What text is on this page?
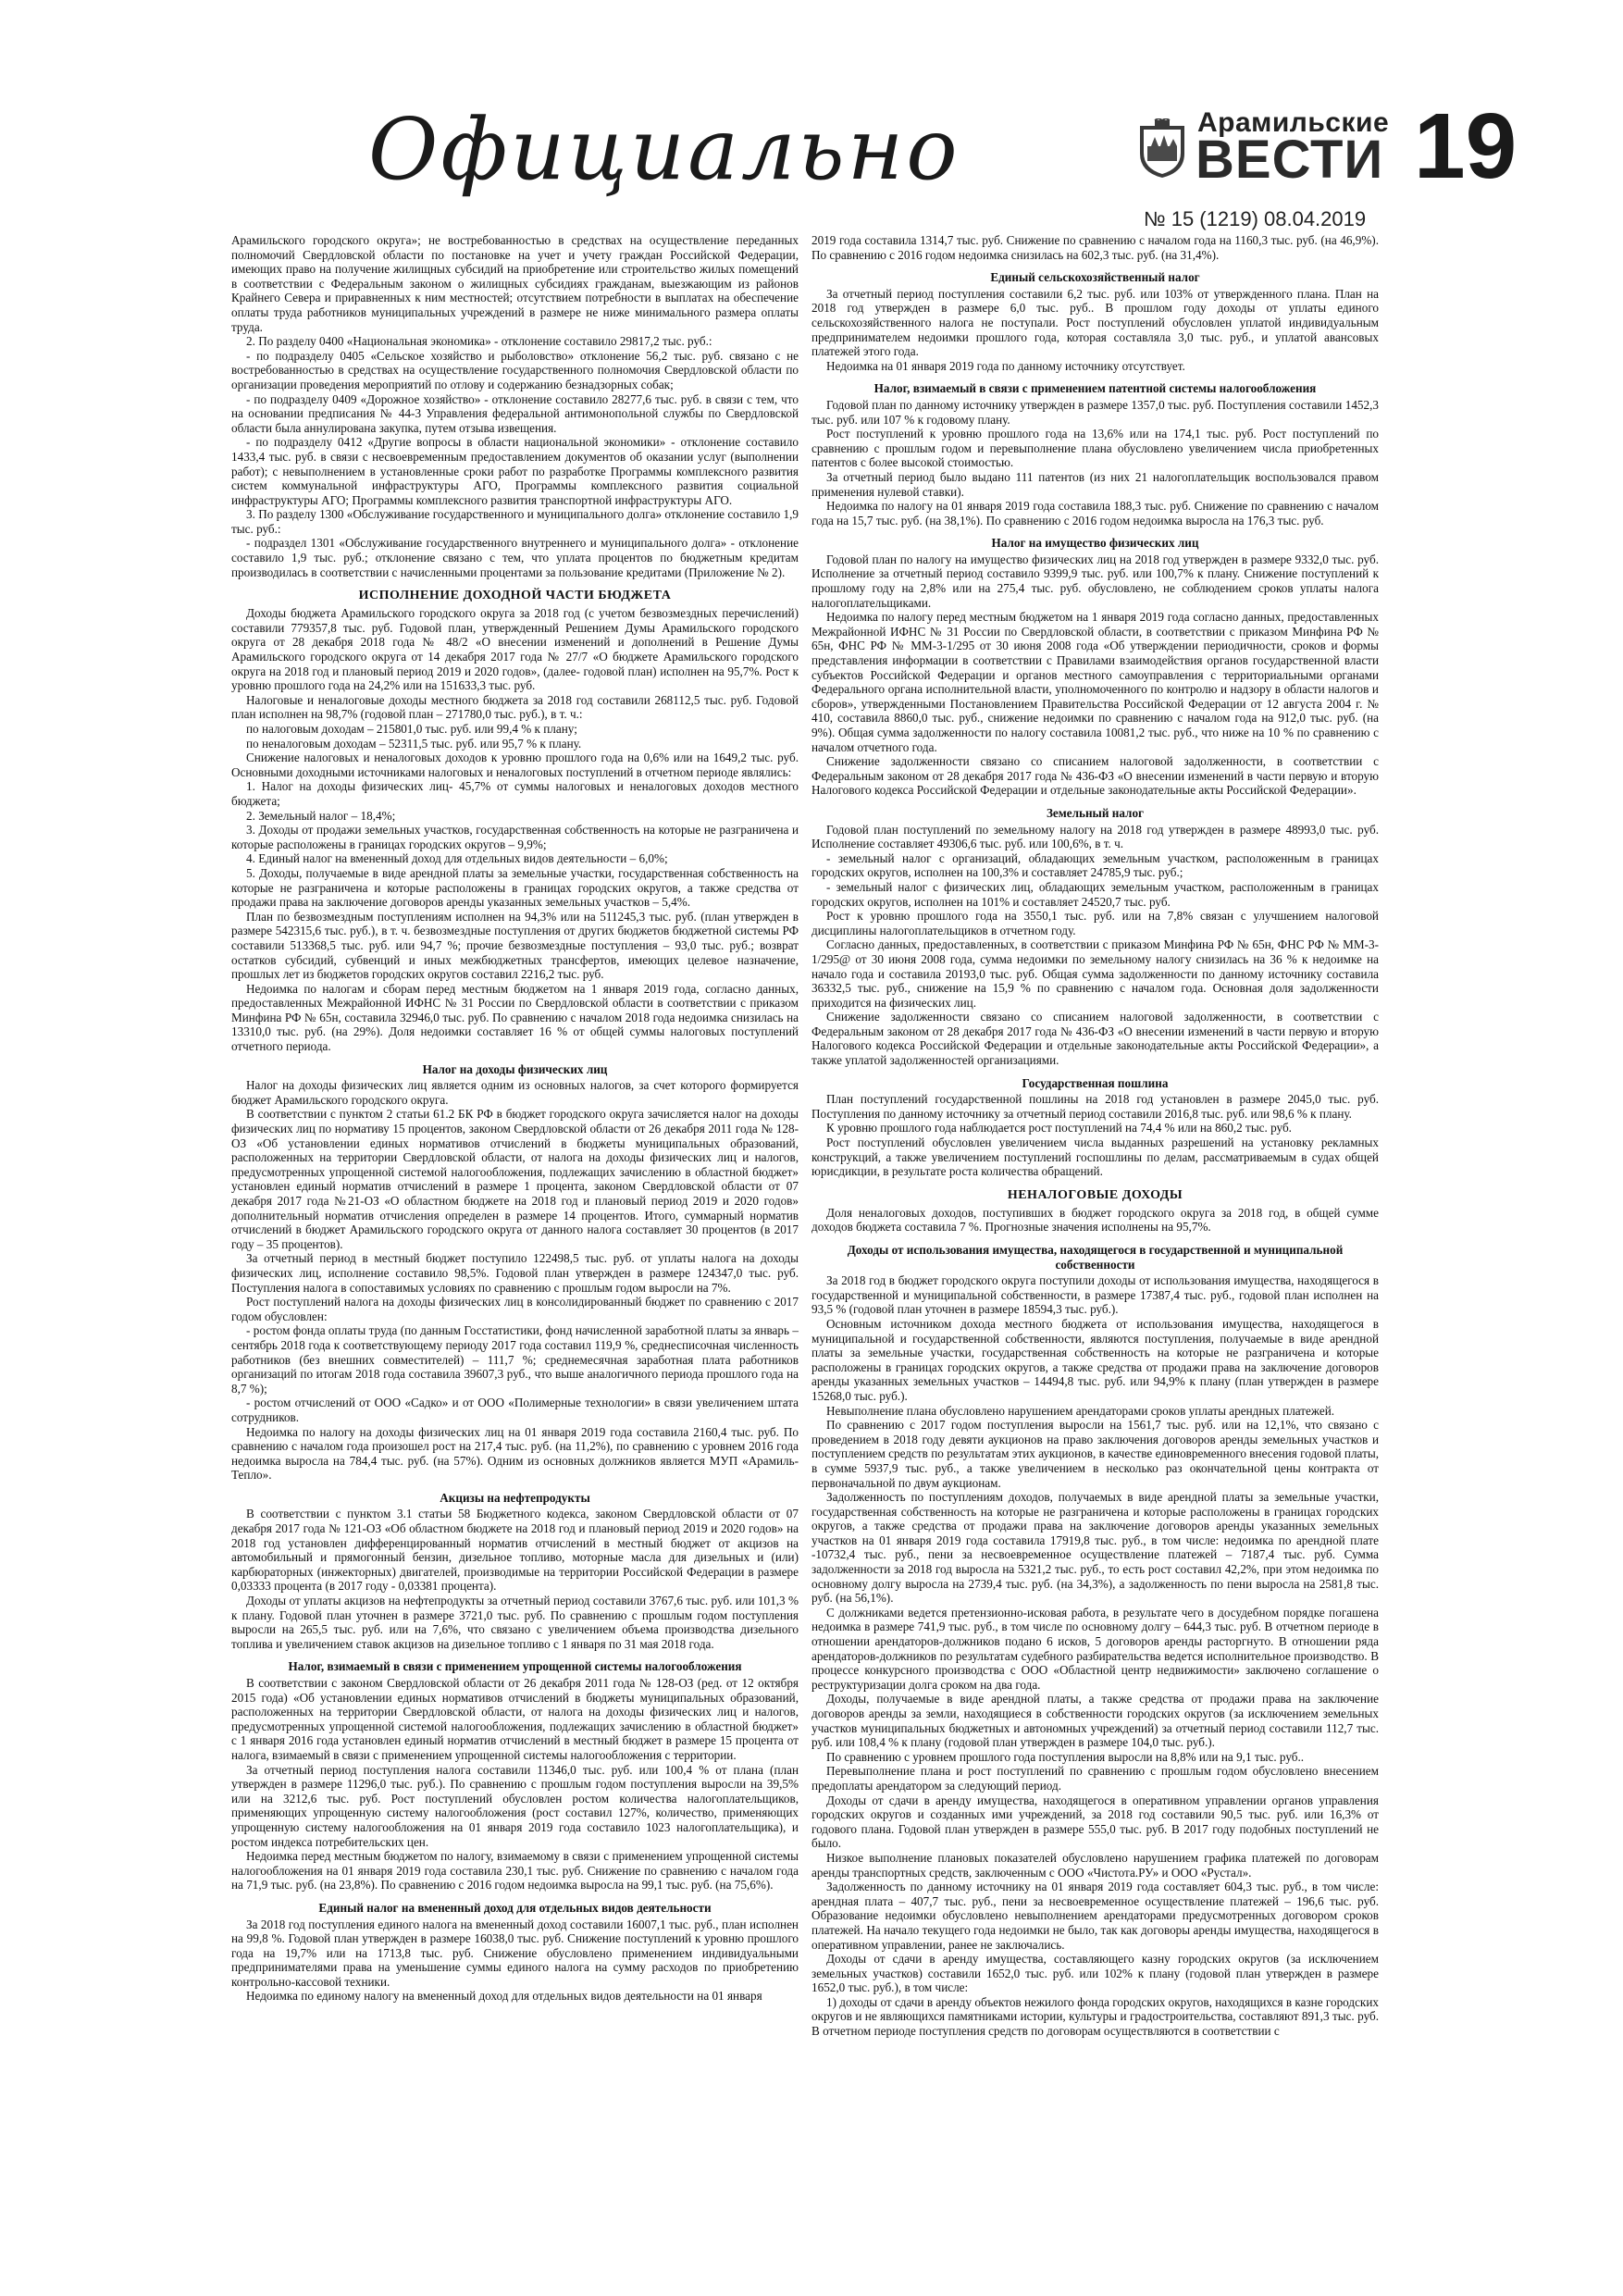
Официально	Арамильские
ВЕСТИ
№ 15 (1219) 08.04.2019
19

Арамильского городского округа»; не востребованностью в средствах на осуществление переданных полномочий Свердловской области по постановке на учет и учету граждан Российской Федерации, имеющих право на получение жилищных субсидий на приобретение или строительство жилых помещений в соответствии с Федеральным законом о жилищных субсидиях гражданам, выезжающим из районов Крайнего Севера и приравненных к ним местностей; отсутствием потребности в выплатах на обеспечение оплаты труда работников муниципальных учреждений в размере не ниже минимального размера оплаты труда.

2. По разделу 0400 «Национальная экономика» - отклонение составило 29817,2 тыс. руб.:

- по подразделу 0405 «Сельское хозяйство и рыболовство» отклонение 56,2 тыс. руб. связано с не востребованностью в средствах на осуществление государственного полномочия Свердловской области по организации проведения мероприятий по отлову и содержанию безнадзорных собак;

- по подразделу 0409 «Дорожное хозяйство» - отклонение составило 28277,6 тыс. руб. в связи с тем, что на основании предписания № 44-3 Управления федеральной антимонопольной службы по Свердловской области была аннулирована закупка, путем отзыва извещения.

- по подразделу 0412 «Другие вопросы в области национальной экономики» - отклонение составило 1433,4 тыс. руб. в связи с несвоевременным предоставлением документов об оказании услуг (выполнении работ); с невыполнением в установленные сроки работ по разработке Программы комплексного развития систем коммунальной инфраструктуры АГО, Программы комплексного развития социальной инфраструктуры АГО; Программы комплексного развития транспортной инфраструктуры АГО.

3. По разделу 1300 «Обслуживание государственного и муниципального долга» отклонение составило 1,9 тыс. руб.:

- подраздел 1301 «Обслуживание государственного внутреннего и муниципального долга» - отклонение составило 1,9 тыс. руб.; отклонение связано с тем, что уплата процентов по бюджетным кредитам производилась в соответствии с начисленными процентами за пользование кредитами (Приложение № 2).

ИСПОЛНЕНИЕ ДОХОДНОЙ ЧАСТИ БЮДЖЕТА

Доходы бюджета Арамильского городского округа за 2018 год (с учетом безвозмездных перечислений) составили 779357,8 тыс. руб. Годовой план, утвержденный Решением Думы Арамильского городского округа от 28 декабря 2018 года № 48/2 «О внесении изменений и дополнений в Решение Думы Арамильского городского округа от 14 декабря 2017 года № 27/7 «О бюджете Арамильского городского округа на 2018 год и плановый период 2019 и 2020 годов», (далее- годовой план) исполнен на 95,7%. Рост к уровню прошлого года на 24,2% или на 151633,3 тыс. руб.

Налоговые и неналоговые доходы местного бюджета за 2018 год составили 268112,5 тыс. руб. Годовой план исполнен на 98,7% (годовой план – 271780,0 тыс. руб.), в т. ч.:

по налоговым доходам – 215801,0 тыс. руб. или 99,4 % к плану;

по неналоговым доходам – 52311,5 тыс. руб. или 95,7 % к плану.

Снижение налоговых и неналоговых доходов к уровню прошлого года на 0,6% или на 1649,2 тыс. руб. Основными доходными источниками налоговых и неналоговых поступлений в отчетном периоде являлись:

1. Налог на доходы физических лиц- 45,7% от суммы налоговых и неналоговых доходов местного бюджета;

2. Земельный налог – 18,4%;

3. Доходы от продажи земельных участков, государственная собственность на которые не разграничена и которые расположены в границах городских округов – 9,9%;

4. Единый налог на вмененный доход для отдельных видов деятельности – 6,0%;

5. Доходы, получаемые в виде арендной платы за земельные участки, государственная собственность на которые не разграничена и которые расположены в границах городских округов, а также средства от продажи права на заключение договоров аренды указанных земельных участков – 5,4%.

План по безвозмездным поступлениям исполнен на 94,3% или на 511245,3 тыс. руб. (план утвержден в размере 542315,6 тыс. руб.), в т. ч. безвозмездные поступления от других бюджетов бюджетной системы РФ составили 513368,5 тыс. руб. или 94,7 %; прочие безвозмездные поступления – 93,0 тыс. руб.; возврат остатков субсидий, субвенций и иных межбюджетных трансфертов, имеющих целевое назначение, прошлых лет из бюджетов городских округов составил 2216,2 тыс. руб.

Недоимка по налогам и сборам перед местным бюджетом на 1 января 2019 года, согласно данных, предоставленных Межрайонной ИФНС № 31 России по Свердловской области в соответствии с приказом Минфина РФ № 65н, составила 32946,0 тыс. руб. По сравнению с началом 2018 года недоимка снизилась на 13310,0 тыс. руб. (на 29%). Доля недоимки составляет 16 % от общей суммы налоговых поступлений отчетного периода.

Налог на доходы физических лиц

Налог на доходы физических лиц является одним из основных налогов, за счет которого формируется бюджет Арамильского городского округа.

В соответствии с пунктом 2 статьи 61.2 БК РФ в бюджет городского округа зачисляется налог на доходы физических лиц по нормативу 15 процентов, законом Свердловской области от 26 декабря 2011 года № 128-ОЗ «Об установлении единых нормативов отчислений в бюджеты муниципальных образований, расположенных на территории Свердловской области, от налога на доходы физических лиц и налогов, предусмотренных упрощенной системой налогообложения, подлежащих зачислению в областной бюджет» установлен единый норматив отчислений в размере 1 процента, законом Свердловской области от 07 декабря 2017 года №21-ОЗ «О областном бюджете на 2018 год и плановый период 2019 и 2020 годов» дополнительный норматив отчисления определен в размере 14 процентов. Итого, суммарный норматив отчислений в бюджет Арамильского городского округа от данного налога составляет 30 процентов (в 2017 году – 35 процентов).

За отчетный период в местный бюджет поступило 122498,5 тыс. руб. от уплаты налога на доходы физических лиц, исполнение составило 98,5%. Годовой план утвержден в размере 124347,0 тыс. руб. Поступления налога в сопоставимых условиях по сравнению с прошлым годом выросли на 7%.

Рост поступлений налога на доходы физических лиц в консолидированный бюджет по сравнению с 2017 годом обусловлен:

- ростом фонда оплаты труда (по данным Госстатистики, фонд начисленной заработной платы за январь – сентябрь 2018 года к соответствующему периоду 2017 года составил 119,9 %, среднесписочная численность работников (без внешних совместителей) – 111,7 %; среднемесячная заработная плата работников организаций по итогам 2018 года составила 39607,3 руб., что выше аналогичного периода прошлого года на 8,7 %);

- ростом отчислений от ООО «Садко» и от ООО «Полимерные технологии» в связи увеличением штата сотрудников.

Недоимка по налогу на доходы физических лиц на 01 января 2019 года составила 2160,4 тыс. руб. По сравнению с началом года произошел рост на 217,4 тыс. руб. (на 11,2%), по сравнению с уровнем 2016 года недоимка выросла на 784,4 тыс. руб. (на 57%). Одним из основных должников является МУП «Арамиль-Тепло».

Акцизы на нефтепродукты

В соответствии с пунктом 3.1 статьи 58 Бюджетного кодекса, законом Свердловской области от 07 декабря 2017 года № 121-ОЗ «Об областном бюджете на 2018 год и плановый период 2019 и 2020 годов» на 2018 год установлен дифференцированный норматив отчислений в местный бюджет от акцизов на автомобильный и прямогонный бензин, дизельное топливо, моторные масла для дизельных и (или) карбюраторных (инжекторных) двигателей, производимые на территории Российской Федерации в размере 0,03333 процента (в 2017 году - 0,03381 процента).

Доходы от уплаты акцизов на нефтепродукты за отчетный период составили 3767,6 тыс. руб. или 101,3 % к плану. Годовой план уточнен в размере 3721,0 тыс. руб. По сравнению с прошлым годом поступления выросли на 265,5 тыс. руб. или на 7,6%, что связано с увеличением объема производства дизельного топлива и увеличением ставок акцизов на дизельное топливо с 1 января по 31 мая 2018 года.

Налог, взимаемый в связи с применением упрощенной системы налогообложения

В соответствии с законом Свердловской области от 26 декабря 2011 года № 128-ОЗ (ред. от 12 октября 2015 года) «Об установлении единых нормативов отчислений в бюджеты муниципальных образований, расположенных на территории Свердловской области, от налога на доходы физических лиц и налогов, предусмотренных упрощенной системой налогообложения, подлежащих зачислению в областной бюджет» с 1 января 2016 года установлен единый норматив отчислений в местный бюджет в размере 15 процента от налога, взимаемый в связи с применением упрощенной системы налогообложения с территории.

За отчетный период поступления налога составили 11346,0 тыс. руб. или 100,4 % от плана (план утвержден в размере 11296,0 тыс. руб.). По сравнению с прошлым годом поступления выросли на 39,5% или на 3212,6 тыс. руб. Рост поступлений обусловлен ростом количества налогоплательщиков, применяющих упрощенную систему налогообложения (рост составил 127%, количество, применяющих упрощенную систему налогообложения на 01 января 2019 года составило 1023 налогоплательщика), и ростом индекса потребительских цен.

Недоимка перед местным бюджетом по налогу, взимаемому в связи с применением упрощенной системы налогообложения на 01 января 2019 года составила 230,1 тыс. руб. Снижение по сравнению с началом года на 71,9 тыс. руб. (на 23,8%). По сравнению с 2016 годом недоимка выросла на 99,1 тыс. руб. (на 75,6%).

Единый налог на вмененный доход для отдельных видов деятельности

За 2018 год поступления единого налога на вмененный доход составили 16007,1 тыс. руб., план исполнен на 99,8 %. Годовой план утвержден в размере 16038,0 тыс. руб. Снижение поступлений к уровню прошлого года на 19,7% или на 1713,8 тыс. руб. Снижение обусловлено применением индивидуальными предпринимателями права на уменьшение суммы единого налога на сумму расходов по приобретению контрольно-кассовой техники.

Недоимка по единому налогу на вмененный доход для отдельных видов деятельности на 01 января

2019 года составила 1314,7 тыс. руб. Снижение по сравнению с началом года на 1160,3 тыс. руб. (на 46,9%). По сравнению с 2016 годом недоимка снизилась на 602,3 тыс. руб. (на 31,4%).

Единый сельскохозяйственный налог

За отчетный период поступления составили 6,2 тыс. руб. или 103% от утвержденного плана. План на 2018 год утвержден в размере 6,0 тыс. руб.. В прошлом году доходы от уплаты единого сельскохозяйственного налога не поступали. Рост поступлений обусловлен уплатой индивидуальным предпринимателем недоимки прошлого года, которая составляла 3,0 тыс. руб., и уплатой авансовых платежей этого года.

Недоимка на 01 января 2019 года по данному источнику отсутствует.

Налог, взимаемый в связи с применением патентной системы налогообложения

Годовой план по данному источнику утвержден в размере 1357,0 тыс. руб. Поступления составили 1452,3 тыс. руб. или 107 % к годовому плану.

Рост поступлений к уровню прошлого года на 13,6% или на 174,1 тыс. руб. Рост поступлений по сравнению с прошлым годом и перевыполнение плана обусловлено увеличением числа приобретенных патентов с более высокой стоимостью.

За отчетный период было выдано 111 патентов (из них 21 налогоплательщик воспользовался правом применения нулевой ставки).

Недоимка по налогу на 01 января 2019 года составила 188,3 тыс. руб. Снижение по сравнению с началом года на 15,7 тыс. руб. (на 38,1%). По сравнению с 2016 годом недоимка выросла на 176,3 тыс. руб.

Налог на имущество физических лиц

Годовой план по налогу на имущество физических лиц на 2018 год утвержден в размере 9332,0 тыс. руб. Исполнение за отчетный период составило 9399,9 тыс. руб. или 100,7% к плану. Снижение поступлений к прошлому году на 2,8% или на 275,4 тыс. руб. обусловлено, не соблюдением сроков уплаты налога налогоплательщиками.

Недоимка по налогу перед местным бюджетом на 1 января 2019 года согласно данных, предоставленных Межрайонной ИФНС № 31 России по Свердловской области, в соответствии с приказом Минфина РФ № 65н, ФНС РФ № ММ-3-1/295 от 30 июня 2008 года «Об утверждении периодичности, сроков и формы представления информации в соответствии с Правилами взаимодействия органов государственной власти субъектов Российской Федерации и органов местного самоуправления с территориальными органами Федерального органа исполнительной власти, уполномоченного по контролю и надзору в области налогов и сборов», утвержденными Постановлением Правительства Российской Федерации от 12 августа 2004 г. № 410, составила 8860,0 тыс. руб., снижение недоимки по сравнению с началом года на 912,0 тыс. руб. (на 9%). Общая сумма задолженности по налогу составила 10081,2 тыс. руб., что ниже на 10 % по сравнению с началом отчетного года.

Снижение задолженности связано со списанием налоговой задолженности, в соответствии с Федеральным законом от 28 декабря 2017 года № 436-ФЗ «О внесении изменений в части первую и вторую Налогового кодекса Российской Федерации и отдельные законодательные акты Российской Федерации».

Земельный налог

Годовой план поступлений по земельному налогу на 2018 год утвержден в размере 48993,0 тыс. руб. Исполнение составляет 49306,6 тыс. руб. или 100,6%, в т. ч.

- земельный налог с организаций, обладающих земельным участком, расположенным в границах городских округов, исполнен на 100,3% и составляет 24785,9 тыс. руб.;

- земельный налог с физических лиц, обладающих земельным участком, расположенным в границах городских округов, исполнен на 101% и составляет 24520,7 тыс. руб.

Рост к уровню прошлого года на 3550,1 тыс. руб. или на 7,8% связан с улучшением налоговой дисциплины налогоплательщиков в отчетном году.

Согласно данных, предоставленных, в соответствии с приказом Минфина РФ № 65н, ФНС РФ № ММ-3-1/295@ от 30 июня 2008 года, сумма недоимки по земельному налогу снизилась на 36 % к недоимке на начало года и составила 20193,0 тыс. руб. Общая сумма задолженности по данному источнику составила 36332,5 тыс. руб., снижение на 15,9 % по сравнению с началом года. Основная доля задолженности приходится на физических лиц.

Снижение задолженности связано со списанием налоговой задолженности, в соответствии с Федеральным законом от 28 декабря 2017 года № 436-ФЗ «О внесении изменений в части первую и вторую Налогового кодекса Российской Федерации и отдельные законодательные акты Российской Федерации», а также уплатой задолженностей организациями.

Государственная пошлина

План поступлений государственной пошлины на 2018 год установлен в размере 2045,0 тыс. руб. Поступления по данному источнику за отчетный период составили 2016,8 тыс. руб. или 98,6 % к плану.

К уровню прошлого года наблюдается рост поступлений на 74,4 % или на 860,2 тыс. руб.

Рост поступлений обусловлен увеличением числа выданных разрешений на установку рекламных конструкций, а также увеличением поступлений госпошлины по делам, рассматриваемым в судах общей юрисдикции, в результате роста количества обращений.

НЕНАЛОГОВЫЕ ДОХОДЫ

Доля неналоговых доходов, поступивших в бюджет городского округа за 2018 год, в общей сумме доходов бюджета составила 7 %. Прогнозные значения исполнены на 95,7%.

Доходы от использования имущества, находящегося в государственной и муниципальной собственности

За 2018 год в бюджет городского округа поступили доходы от использования имущества, находящегося в государственной и муниципальной собственности, в размере 17387,4 тыс. руб., годовой план исполнен на 93,5 % (годовой план уточнен в размере 18594,3 тыс. руб.).

Основным источником дохода местного бюджета от использования имущества, находящегося в муниципальной и государственной собственности, являются поступления, получаемые в виде арендной платы за земельные участки, государственная собственность на которые не разграничена и которые расположены в границах городских округов, а также средства от продажи права на заключение договоров аренды указанных земельных участков – 14494,8 тыс. руб. или 94,9% к плану (план утвержден в размере 15268,0 тыс. руб.).

Невыполнение плана обусловлено нарушением арендаторами сроков уплаты арендных платежей.

По сравнению с 2017 годом поступления выросли на 1561,7 тыс. руб. или на 12,1%, что связано с проведением в 2018 году девяти аукционов на право заключения договоров аренды земельных участков и поступлением средств по результатам этих аукционов, в качестве единовременного внесения годовой платы, в сумме 5937,9 тыс. руб., а также увеличением в несколько раз окончательной цены контракта от первоначальной по двум аукционам.

Задолженность по поступлениям доходов, получаемых в виде арендной платы за земельные участки, государственная собственность на которые не разграничена и которые расположены в границах городских округов, а также средства от продажи права на заключение договоров аренды указанных земельных участков на 01 января 2019 года составила 17919,8 тыс. руб., в том числе: недоимка по арендной плате -10732,4 тыс. руб., пени за несвоевременное осуществление платежей – 7187,4 тыс. руб. Сумма задолженности за 2018 год выросла на 5321,2 тыс. руб., то есть рост составил 42,2%, при этом недоимка по основному долгу выросла на 2739,4 тыс. руб. (на 34,3%), а задолженность по пени выросла на 2581,8 тыс. руб. (на 56,1%).

С должниками ведется претензионно-исковая работа, в результате чего в досудебном порядке погашена недоимка в размере 741,9 тыс. руб., в том числе по основному долгу – 644,3 тыс. руб. В отчетном периоде в отношении арендаторов-должников подано 6 исков, 5 договоров аренды расторгнуто. В отношении ряда арендаторов-должников по результатам судебного разбирательства ведется исполнительное производство. В процессе конкурсного производства с ООО «Областной центр недвижимости» заключено соглашение о реструктуризации долга сроком на два года.

Доходы, получаемые в виде арендной платы, а также средства от продажи права на заключение договоров аренды за земли, находящиеся в собственности городских округов (за исключением земельных участков муниципальных бюджетных и автономных учреждений) за отчетный период составили 112,7 тыс. руб. или 108,4 % к плану (годовой план утвержден в размере 104,0 тыс. руб.).

По сравнению с уровнем прошлого года поступления выросли на 8,8% или на 9,1 тыс. руб..

Перевыполнение плана и рост поступлений по сравнению с прошлым годом обусловлено внесением предоплаты арендатором за следующий период.

Доходы от сдачи в аренду имущества, находящегося в оперативном управлении органов управления городских округов и созданных ими учреждений, за 2018 год составили 90,5 тыс. руб. или 16,3% от годового плана. Годовой план утвержден в размере 555,0 тыс. руб. В 2017 году подобных поступлений не было.

Низкое выполнение плановых показателей обусловлено нарушением графика платежей по договорам аренды транспортных средств, заключенным с ООО «Чистота.РУ» и ООО «Рустал».

Задолженность по данному источнику на 01 января 2019 года составляет 604,3 тыс. руб., в том числе: арендная плата – 407,7 тыс. руб., пени за несвоевременное осуществление платежей – 196,6 тыс. руб. Образование недоимки обусловлено невыполнением арендаторами предусмотренных договором сроков платежей. На начало текущего года недоимки не было, так как договоры аренды имущества, находящегося в оперативном управлении, ранее не заключались.

Доходы от сдачи в аренду имущества, составляющего казну городских округов (за исключением земельных участков) составили 1652,0 тыс. руб. или 102% к плану (годовой план утвержден в размере 1652,0 тыс. руб.), в том числе:

1) доходы от сдачи в аренду объектов нежилого фонда городских округов, находящихся в казне городских округов и не являющихся памятниками истории, культуры и градостроительства, составляют 891,3 тыс. руб. В отчетном периоде поступления средств по договорам осуществляются в соответствии с
